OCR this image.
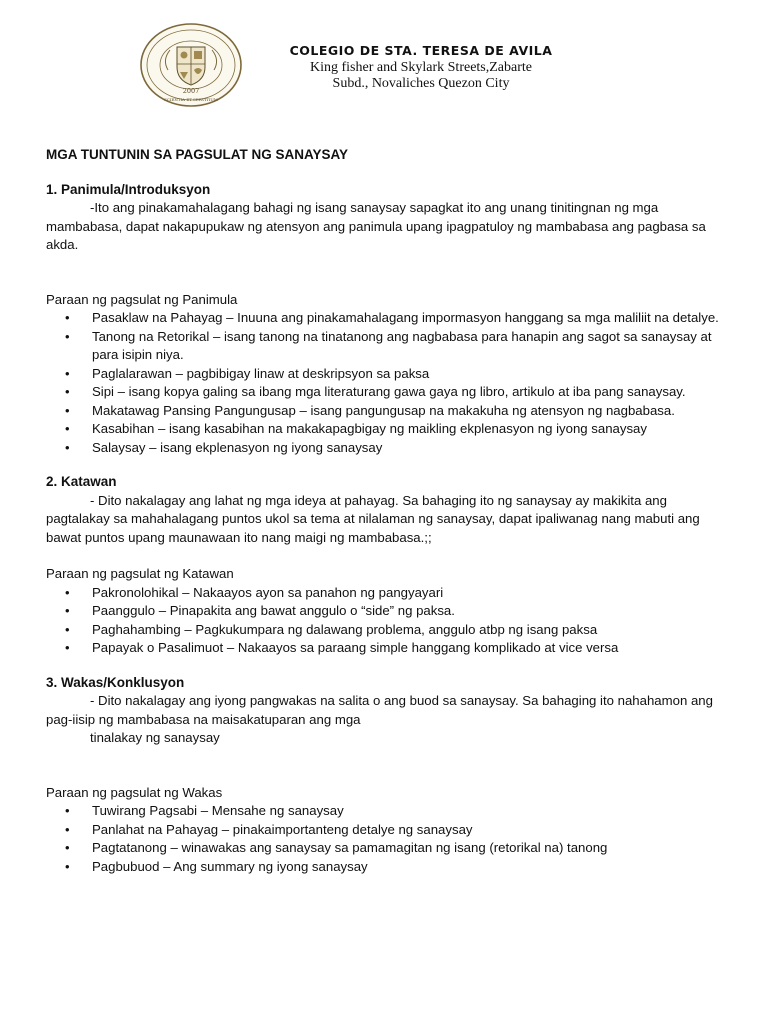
2007
SCIENTIA ET SERVITIUM
COLEGIO DE STA. TERESA DE AVILA
King fisher and Skylark Streets,Zabarte
Subd., Novaliches Quezon City
MGA TUNTUNIN SA PAGSULAT NG SANAYSAY
1. Panimula/Introduksyon

-Ito ang pinakamahalagang bahagi ng isang sanaysay sapagkat ito ang unang tinitingnan ng mga mambabasa, dapat nakapupukaw ng atensyon ang panimula upang ipagpatuloy ng mambabasa ang pagbasa sa akda.

Paraan ng pagsulat ng Panimula
• Pasaklaw na Pahayag – Inuuna ang pinakamahalagang impormasyon hanggang sa mga maliliit na detalye.
• Tanong na Retorikal – isang tanong na tinatanong ang nagbabasa para hanapin ang sagot sa sanaysay at para isipin niya.
• Paglalarawan – pagbibigay linaw at deskripsyon sa paksa
• Sipi – isang kopya galing sa ibang mga literaturang gawa gaya ng libro, artikulo at iba pang sanaysay.
• Makatawag Pansing Pangungusap – isang pangungusap na makakuha ng atensyon ng nagbabasa.
• Kasabihan – isang kasabihan na makakapagbigay ng maikling ekplenasyon ng iyong sanaysay
• Salaysay – isang ekplenasyon ng iyong sanaysay
2. Katawan

- Dito nakalagay ang lahat ng mga ideya at pahayag. Sa bahaging ito ng sanaysay ay makikita ang pagtalakay sa mahahalagang puntos ukol sa tema at nilalaman ng sanaysay, dapat ipaliwanag nang mabuti ang bawat puntos upang maunawaan ito nang maigi ng mambabasa.;;

Paraan ng pagsulat ng Katawan
• Pakronolohikal – Nakaayos ayon sa panahon ng pangyayari
• Paanggulo – Pinapakita ang bawat anggulo o “side” ng paksa.
• Paghahambing – Pagkukumpara ng dalawang problema, anggulo atbp ng isang paksa
• Papayak o Pasalimuot – Nakaayos sa paraang simple hanggang komplikado at vice versa
3. Wakas/Konklusyon

- Dito nakalagay ang iyong pangwakas na salita o ang buod sa sanaysay. Sa bahaging ito nahahamon ang pag-iisip ng mambabasa na maisakatuparan ang mga

tinalakay ng sanaysay

Paraan ng pagsulat ng Wakas
• Tuwirang Pagsabi – Mensahe ng sanaysay
• Panlahat na Pahayag – pinakaimportanteng detalye ng sanaysay
• Pagtatanong – winawakas ang sanaysay sa pamamagitan ng isang (retorikal na) tanong
• Pagbubuod – Ang summary ng iyong sanaysay
